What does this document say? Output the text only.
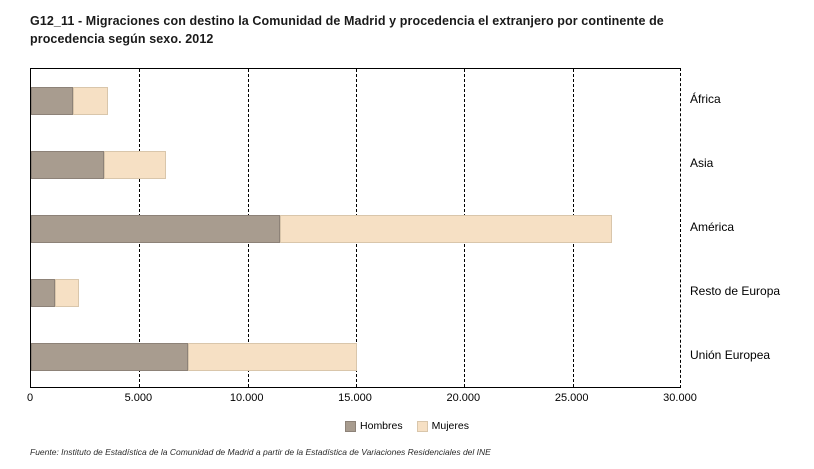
G12_11 - Migraciones con destino la Comunidad de Madrid y procedencia el extranjero por continente de procedencia según sexo. 2012
África
Asia
América
Resto de Europa
Unión Europea
0	5.000	10.000	15.000	20.000	25.000	30.000
Hombres	Mujeres
Fuente: Instituto de Estadística de la Comunidad de Madrid a partir de la Estadística de Variaciones Residenciales del INE
